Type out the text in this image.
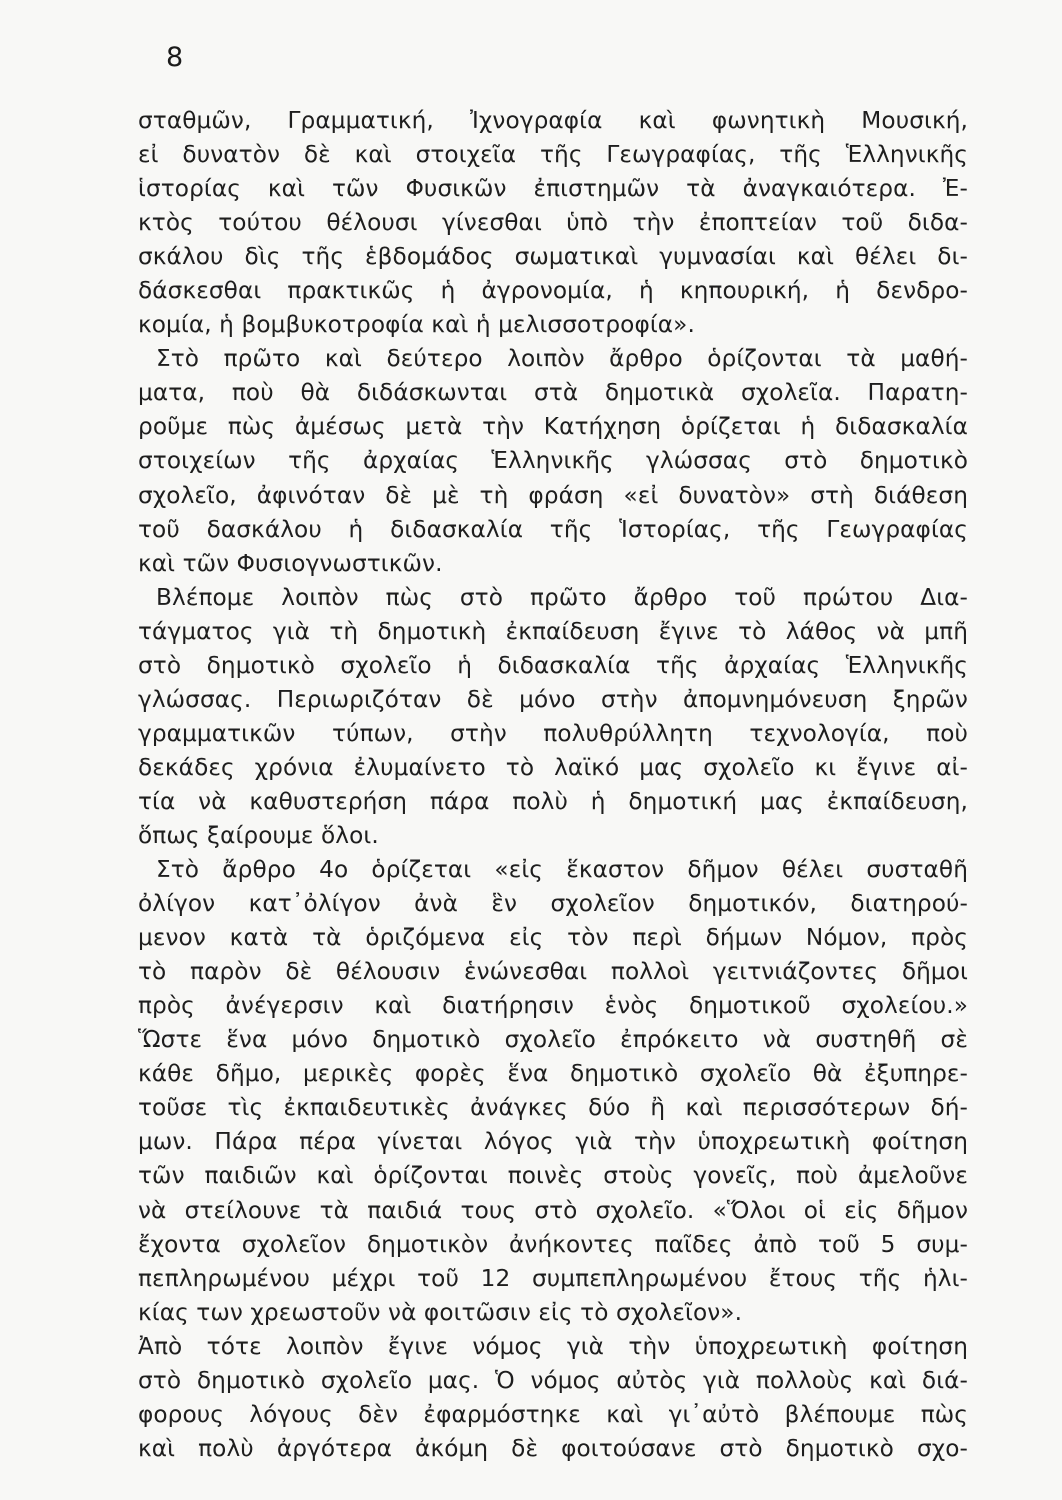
8
σταθμῶν, Γραμματική, Ἰχνογραφία καὶ φωνητικὴ Μουσική,
εἰ δυνατὸν δὲ καὶ στοιχεῖα τῆς Γεωγραφίας, τῆς Ἑλληνικῆς
ἱστορίας καὶ τῶν Φυσικῶν ἐπιστημῶν τὰ ἀναγκαιότερα. Ἐ-
κτὸς τούτου θέλουσι γίνεσθαι ὑπὸ τὴν ἐποπτείαν τοῦ διδα-
σκάλου δὶς τῆς ἑβδομάδος σωματικαὶ γυμνασίαι καὶ θέλει δι-
δάσκεσθαι πρακτικῶς ἡ ἀγρονομία, ἡ κηπουρική, ἡ δενδρο-
κομία, ἡ βομβυκοτροφία καὶ ἡ μελισσοτροφία».
Στὸ πρῶτο καὶ δεύτερο λοιπὸν ἄρθρο ὁρίζονται τὰ μαθή-
ματα, ποὺ θὰ διδάσκωνται στὰ δημοτικὰ σχολεῖα. Παρατη-
ροῦμε πὼς ἀμέσως μετὰ τὴν Κατήχηση ὁρίζεται ἡ διδασκαλία
στοιχείων τῆς ἀρχαίας Ἑλληνικῆς γλώσσας στὸ δημοτικὸ
σχολεῖο, ἀφινόταν δὲ μὲ τὴ φράση «εἰ δυνατὸν» στὴ διάθεση
τοῦ δασκάλου ἡ διδασκαλία τῆς Ἱστορίας, τῆς Γεωγραφίας
καὶ τῶν Φυσιογνωστικῶν.
Βλέπομε λοιπὸν πὼς στὸ πρῶτο ἄρθρο τοῦ πρώτου Δια-
τάγματος γιὰ τὴ δημοτικὴ ἐκπαίδευση ἔγινε τὸ λάθος νὰ μπῆ
στὸ δημοτικὸ σχολεῖο ἡ διδασκαλία τῆς ἀρχαίας Ἑλληνικῆς
γλώσσας. Περιωριζόταν δὲ μόνο στὴν ἀπομνημόνευση ξηρῶν
γραμματικῶν τύπων, στὴν πολυθρύλλητη τεχνολογία, ποὺ
δεκάδες χρόνια ἐλυμαίνετο τὸ λαϊκό μας σχολεῖο κι ἔγινε αἰ-
τία νὰ καθυστερήση πάρα πολὺ ἡ δημοτική μας ἐκπαίδευση,
ὅπως ξαίρουμε ὅλοι.
Στὸ ἄρθρο 4ο ὁρίζεται «εἰς ἕκαστον δῆμον θέλει συσταθῆ
ὀλίγον κατ᾽ὀλίγον ἀνὰ ἓν σχολεῖον δημοτικόν, διατηρού-
μενον κατὰ τὰ ὁριζόμενα εἰς τὸν περὶ δήμων Νόμον, πρὸς
τὸ παρὸν δὲ θέλουσιν ἑνώνεσθαι πολλοὶ γειτνιάζοντες δῆμοι
πρὸς ἀνέγερσιν καὶ διατήρησιν ἑνὸς δημοτικοῦ σχολείου.»
Ὥστε ἕνα μόνο δημοτικὸ σχολεῖο ἐπρόκειτο νὰ συστηθῆ σὲ
κάθε δῆμο, μερικὲς φορὲς ἕνα δημοτικὸ σχολεῖο θὰ ἐξυπηρε-
τοῦσε τὶς ἐκπαιδευτικὲς ἀνάγκες δύο ἢ καὶ περισσότερων δή-
μων. Πάρα πέρα γίνεται λόγος γιὰ τὴν ὑποχρεωτικὴ φοίτηση
τῶν παιδιῶν καὶ ὁρίζονται ποινὲς στοὺς γονεῖς, ποὺ ἀμελοῦνε
νὰ στείλουνε τὰ παιδιά τους στὸ σχολεῖο. «Ὅλοι οἱ εἰς δῆμον
ἔχοντα σχολεῖον δημοτικὸν ἀνήκοντες παῖδες ἀπὸ τοῦ 5 συμ-
πεπληρωμένου μέχρι τοῦ 12 συμπεπληρωμένου ἔτους τῆς ἡλι-
κίας των χρεωστοῦν νὰ φοιτῶσιν εἰς τὸ σχολεῖον».
Ἀπὸ τότε λοιπὸν ἔγινε νόμος γιὰ τὴν ὑποχρεωτικὴ φοίτηση
στὸ δημοτικὸ σχολεῖο μας. Ὁ νόμος αὐτὸς γιὰ πολλοὺς καὶ διά-
φορους λόγους δὲν ἐφαρμόστηκε καὶ γι᾽αὐτὸ βλέπουμε πὼς
καὶ πολὺ ἀργότερα ἀκόμη δὲ φοιτούσανε στὸ δημοτικὸ σχο-
